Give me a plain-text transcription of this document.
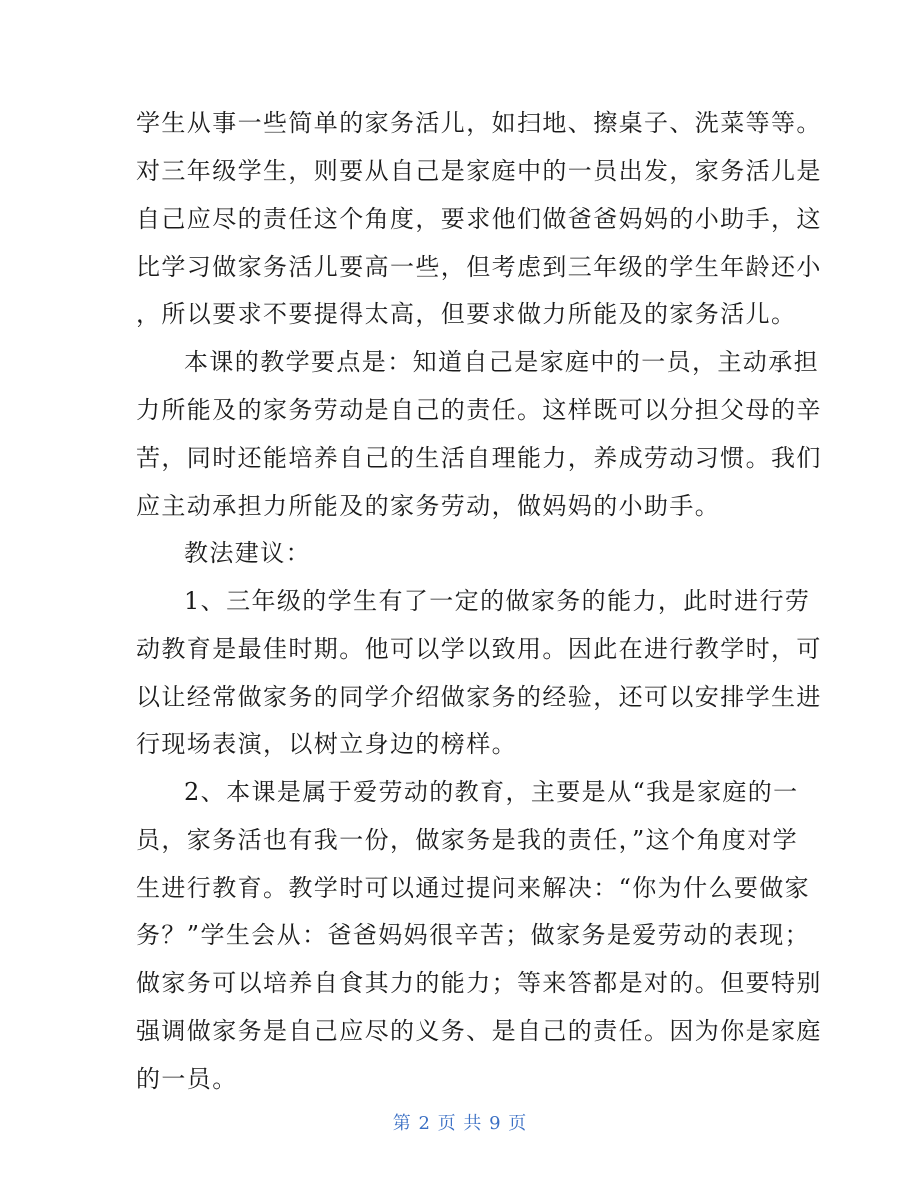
学生从事一些简单的家务活儿，如扫地、擦桌子、洗菜等等。
对三年级学生，则要从自己是家庭中的一员出发，家务活儿是
自己应尽的责任这个角度，要求他们做爸爸妈妈的小助手，这
比学习做家务活儿要高一些，但考虑到三年级的学生年龄还小
，所以要求不要提得太高，但要求做力所能及的家务活儿。
本课的教学要点是：知道自己是家庭中的一员，主动承担
力所能及的家务劳动是自己的责任。这样既可以分担父母的辛
苦，同时还能培养自己的生活自理能力，养成劳动习惯。我们
应主动承担力所能及的家务劳动，做妈妈的小助手。
教法建议：
1、三年级的学生有了一定的做家务的能力，此时进行劳
动教育是最佳时期。他可以学以致用。因此在进行教学时，可
以让经常做家务的同学介绍做家务的经验，还可以安排学生进
行现场表演，以树立身边的榜样。
2、本课是属于爱劳动的教育，主要是从“我是家庭的一
员，家务活也有我一份，做家务是我的责任，”这个角度对学
生进行教育。教学时可以通过提问来解决：“你为什么要做家
务？”学生会从：爸爸妈妈很辛苦；做家务是爱劳动的表现；
做家务可以培养自食其力的能力；等来答都是对的。但要特别
强调做家务是自己应尽的义务、是自己的责任。因为你是家庭
的一员。
第 2 页 共 9 页
